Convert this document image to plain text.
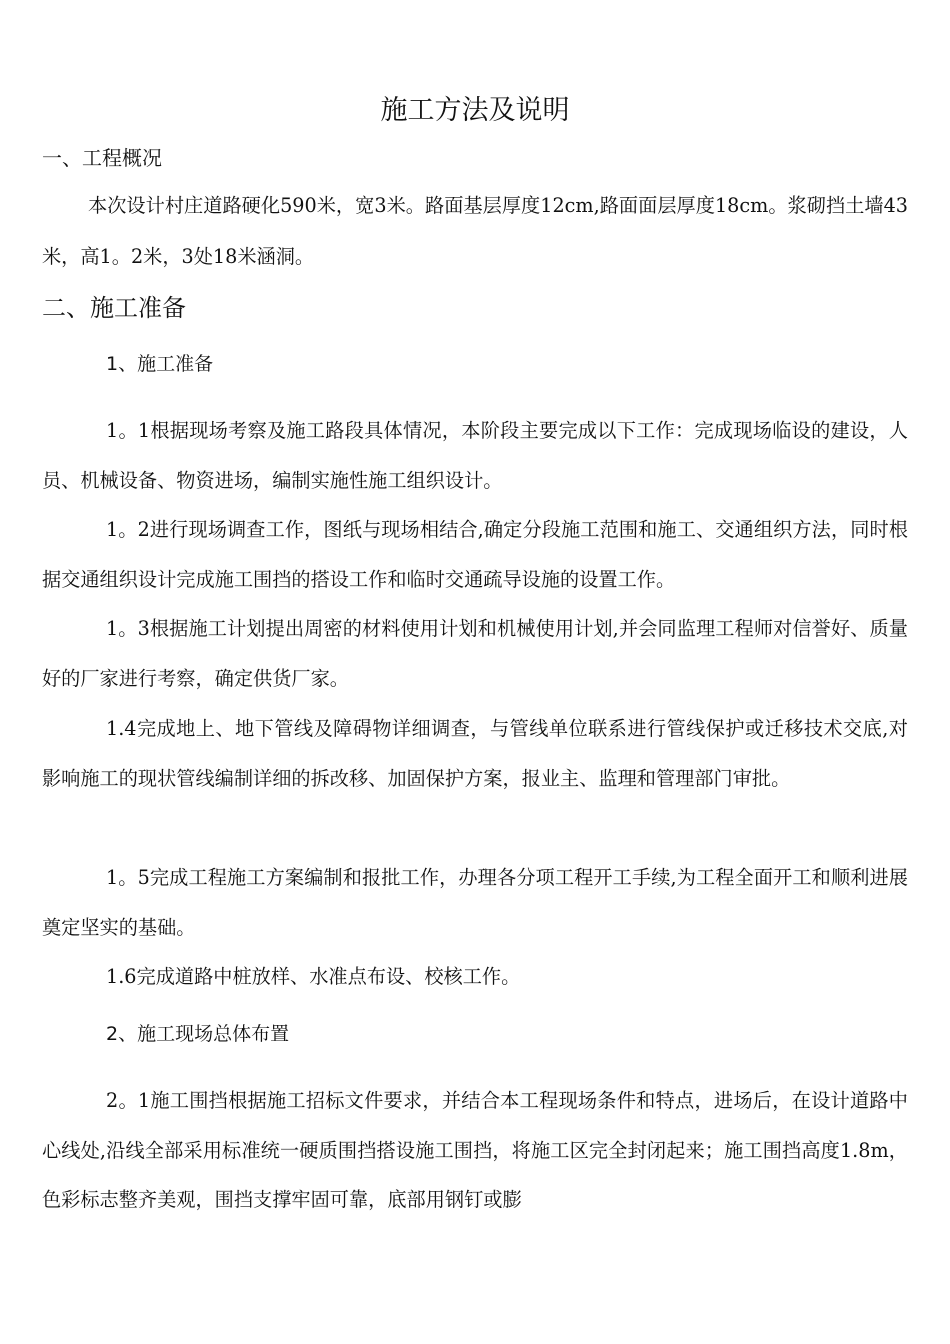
施工方法及说明
一、工程概况
本次设计村庄道路硬化590米，宽3米。路面基层厚度12cm,路面面层厚度18cm。浆砌挡土墙43米，高1。2米，3处18米涵洞。
二、施工准备
1、施工准备
1。1根据现场考察及施工路段具体情况，本阶段主要完成以下工作：完成现场临设的建设，人员、机械设备、物资进场，编制实施性施工组织设计。
1。2进行现场调查工作，图纸与现场相结合,确定分段施工范围和施工、交通组织方法，同时根据交通组织设计完成施工围挡的搭设工作和临时交通疏导设施的设置工作。
1。3根据施工计划提出周密的材料使用计划和机械使用计划,并会同监理工程师对信誉好、质量好的厂家进行考察，确定供货厂家。
1.4完成地上、地下管线及障碍物详细调查，与管线单位联系进行管线保护或迁移技术交底,对影响施工的现状管线编制详细的拆改移、加固保护方案，报业主、监理和管理部门审批。
1。5完成工程施工方案编制和报批工作，办理各分项工程开工手续,为工程全面开工和顺利进展奠定坚实的基础。
1.6完成道路中桩放样、水准点布设、校核工作。
2、施工现场总体布置
2。1施工围挡根据施工招标文件要求，并结合本工程现场条件和特点，进场后，在设计道路中心线处,沿线全部采用标准统一硬质围挡搭设施工围挡，将施工区完全封闭起来；施工围挡高度1.8m，色彩标志整齐美观，围挡支撑牢固可靠，底部用钢钉或膨
